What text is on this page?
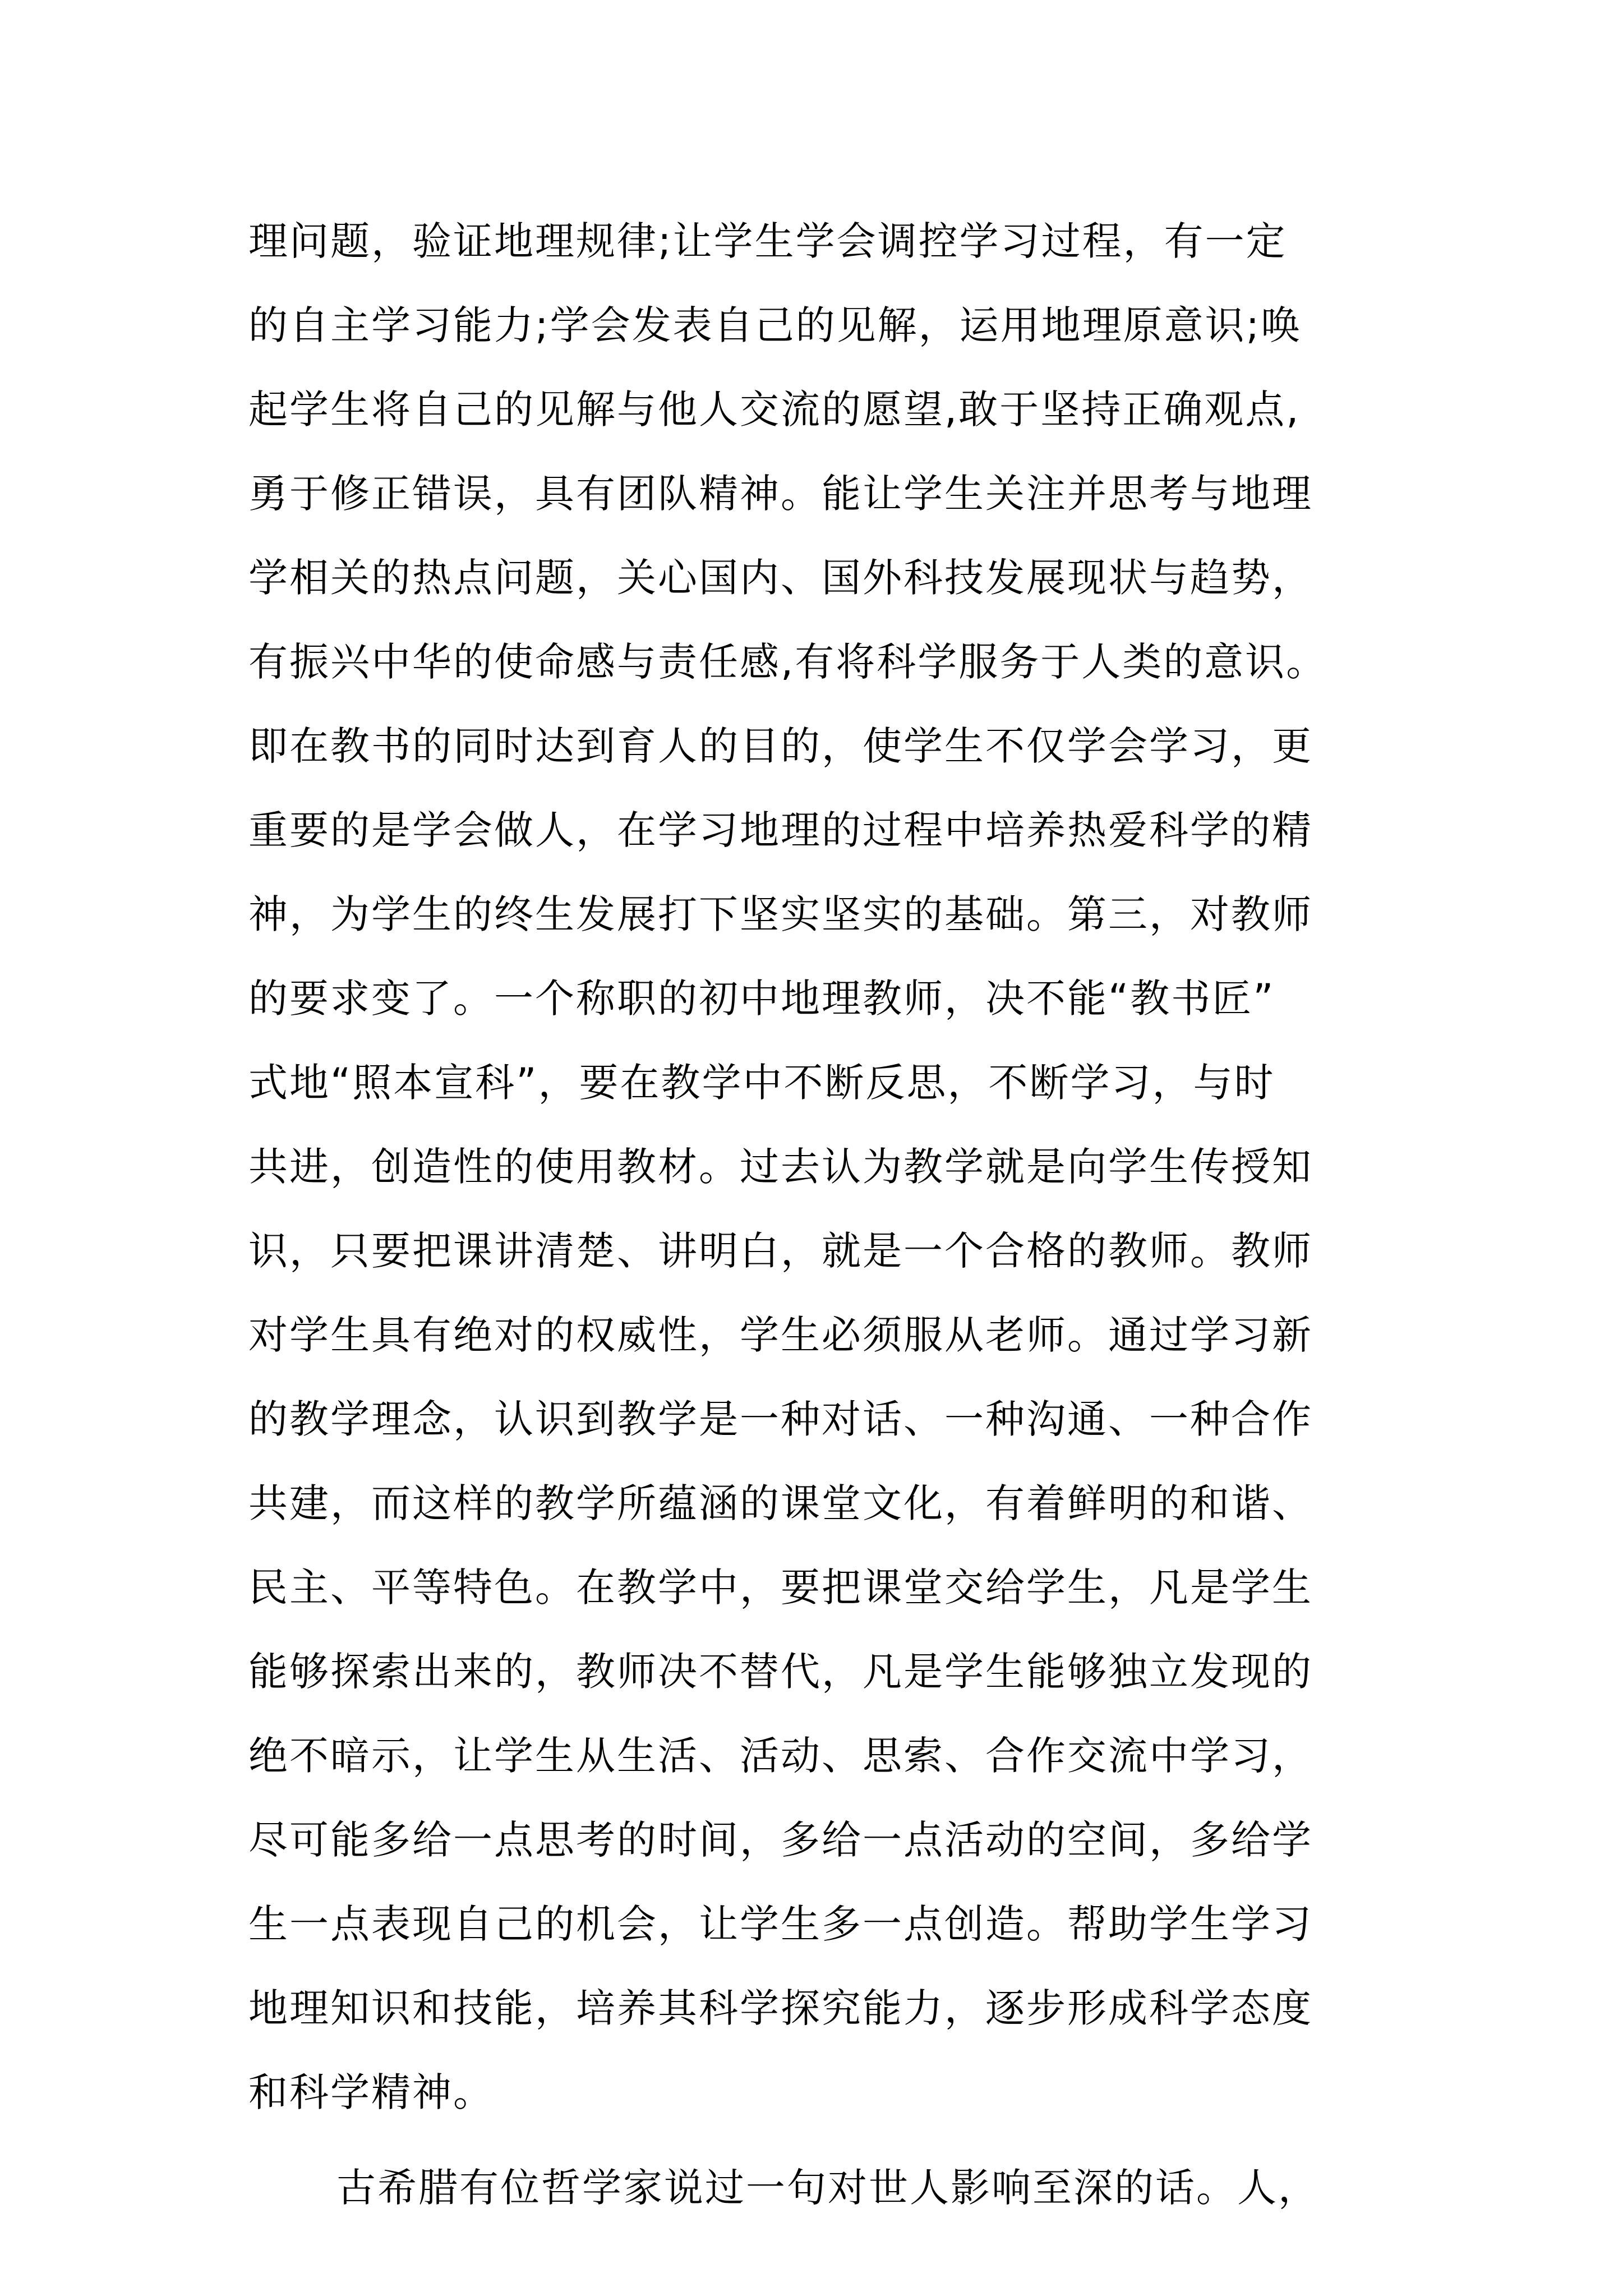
理问题，验证地理规律;让学生学会调控学习过程，有一定
的自主学习能力;学会发表自己的见解，运用地理原意识;唤
起学生将自己的见解与他人交流的愿望,敢于坚持正确观点,
勇于修正错误，具有团队精神。能让学生关注并思考与地理
学相关的热点问题，关心国内、国外科技发展现状与趋势，
有振兴中华的使命感与责任感,有将科学服务于人类的意识。
即在教书的同时达到育人的目的，使学生不仅学会学习，更
重要的是学会做人，在学习地理的过程中培养热爱科学的精
神，为学生的终生发展打下坚实坚实的基础。第三，对教师
的要求变了。一个称职的初中地理教师，决不能“教书匠”
式地“照本宣科”，要在教学中不断反思，不断学习，与时
共进，创造性的使用教材。过去认为教学就是向学生传授知
识，只要把课讲清楚、讲明白，就是一个合格的教师。教师
对学生具有绝对的权威性，学生必须服从老师。通过学习新
的教学理念，认识到教学是一种对话、一种沟通、一种合作
共建，而这样的教学所蕴涵的课堂文化，有着鲜明的和谐、
民主、平等特色。在教学中，要把课堂交给学生，凡是学生
能够探索出来的，教师决不替代，凡是学生能够独立发现的
绝不暗示，让学生从生活、活动、思索、合作交流中学习，
尽可能多给一点思考的时间，多给一点活动的空间，多给学
生一点表现自己的机会，让学生多一点创造。帮助学生学习
地理知识和技能，培养其科学探究能力，逐步形成科学态度
和科学精神。
古希腊有位哲学家说过一句对世人影响至深的话。人，
